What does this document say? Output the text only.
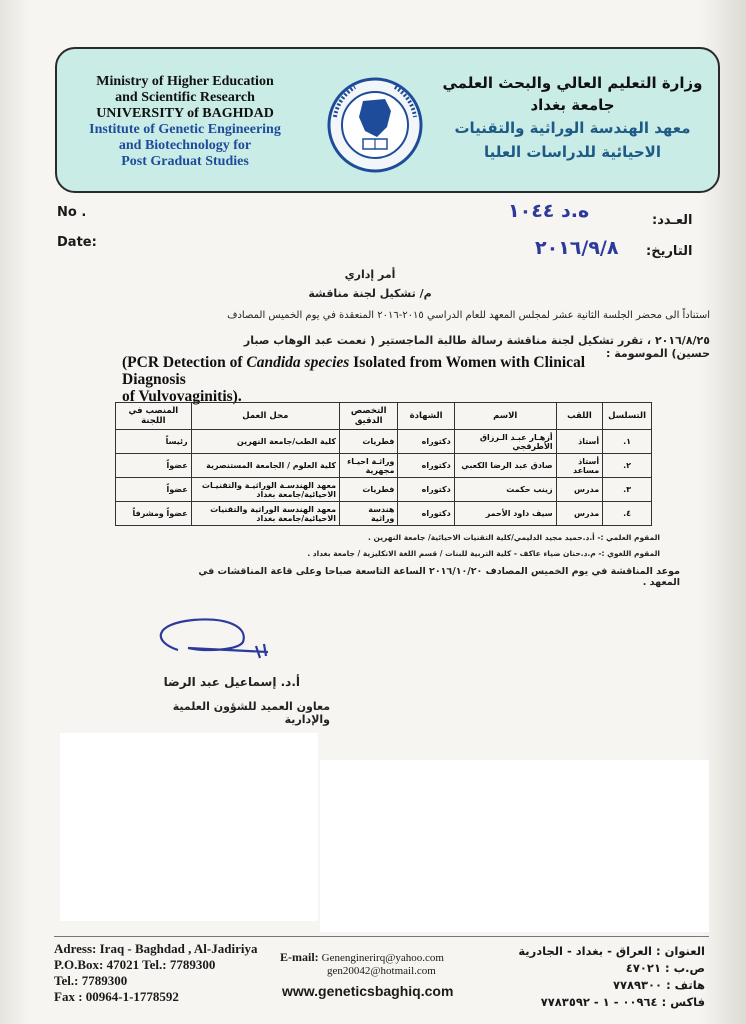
Ministry of Higher Education
and Scientific Research
UNIVERSITY of BAGHDAD
Institute of Genetic Engineering
and Biotechnology for
Post Graduat Studies
وزارة التعليم العالي والبحث العلمي
جامعة بغداد
معهد الهندسة الوراثية والتقنيات
الاحيائية للدراسات العليا
No .
Date:
العـدد:
التاريخ:
ه.د ١٠٤٤
٢٠١٦/٩/٨
أمر إداري
م/ تشكيل لجنة مناقشة
استناداً الى محضر الجلسة الثانية عشر لمجلس المعهد للعام الدراسي ٢٠١٥-٢٠١٦ المنعقدة في يوم الخميس المصادف
٢٠١٦/٨/٢٥ ، تقرر تشكيل لجنة مناقشة رسالة طالبة الماجستير ( نعمت عبد الوهاب صبار حسين) الموسومة :
(PCR Detection of Candida species Isolated from Women with Clinical Diagnosis
of Vulvovaginitis).
التسلسل	اللقب	الاسم	الشهادة	التخصص الدقيق	محل العمل	المنصب في اللجنة
١.	أستاذ	أزهـار عبـد الـرزاق الأطرقجي	دكتوراه	فطريات	كلية الطب/جامعة النهرين	رئيساً
٢.	أستاذ مساعد	صادق عبد الرضا الكعبي	دكتوراه	وراثـة احيـاء مجهرية	كلية العلوم / الجامعة المستنصرية	عضواً
٣.	مدرس	زينب حكمت	دكتوراه	فطريات	معهد الهندسـة الوراثيـة والتقنيـات الاحيائية/جامعة بغداد	عضواً
٤.	مدرس	سيف داود الأحمر	دكتوراه	هندسة وراثية	معهد الهندسة الوراثية والتقنيات الاحيائية/جامعة بغداد	عضواً ومشرفاً
المقوم العلمي :- أ.د.حميد مجيد الدليمي/كلية التقنيات الاحيائية/ جامعة النهرين .
المقوم اللغوي :- م.د.حنان ضياء عاكف - كلية التربية للبنات / قسم اللغة الانكليزية / جامعة بغداد .
موعد المناقشة في يوم الخميس المصادف ٢٠١٦/١٠/٢٠ الساعة التاسعة صباحا وعلى قاعة المناقشات في المعهد .
أ.د. إسماعيل عبد الرضا
معاون العميد للشؤون العلمية والإدارية
Adress: Iraq - Baghdad , Al-Jadiriya
P.O.Box: 47021 Tel.: 7789300
Tel.: 7789300
Fax : 00964-1-1778592
E-mail: Genenginerirq@yahoo.com
gen20042@hotmail.com
www.geneticsbaghiq.com
العنوان : العراق - بغداد - الجادرية
ص.ب : ٤٧٠٢١
هاتف : ٧٧٨٩٣٠٠
فاكس : ٠٠٩٦٤ - ١ - ٧٧٨٣٥٩٢
